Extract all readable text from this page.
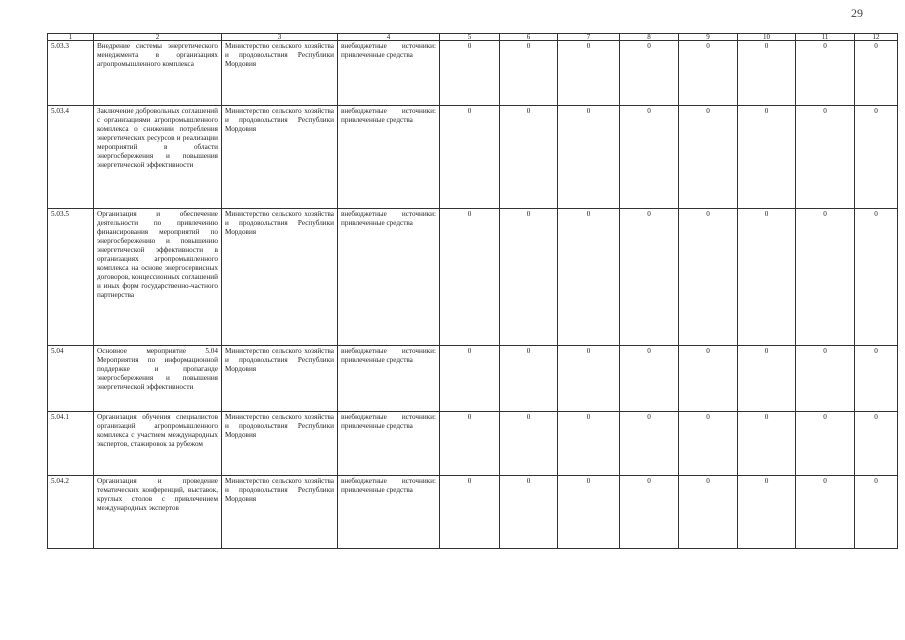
29
1	2	3	4	5	6	7	8	9	10	11	12
5.03.3	Внедрение системы энергетического менеджмента в организациях агропромышленного комплекса	Министерство сельского хозяйства и продовольствия Республики Мордовия	внебюджетные источники: привлеченные средства	0	0	0	0	0	0	0	0
5.03.4	Заключение добровольных соглашений с организациями агропромышленного комплекса о снижении потребления энергетических ресурсов и реализации мероприятий в области энергосбережения и повышения энергетической эффективности	Министерство сельского хозяйства и продовольствия Республики Мордовия	внебюджетные источники: привлеченные средства	0	0	0	0	0	0	0	0
5.03.5	Организация и обеспечение деятельности по привлечению финансирования мероприятий по энергосбережению и повышению энергетической эффективности в организациях агропромышленного комплекса на основе энергосервисных договоров, концессионных соглашений и иных форм государственно-частного партнерства	Министерство сельского хозяйства и продовольствия Республики Мордовия	внебюджетные источники: привлеченные средства	0	0	0	0	0	0	0	0
5.04	Основное мероприятие 5.04 Мероприятия по информационной поддержке и пропаганде энергосбережения и повышения энергетической эффективности	Министерство сельского хозяйства и продовольствия Республики Мордовия	внебюджетные источники: привлеченные средства	0	0	0	0	0	0	0	0
5.04.1	Организация обучения специалистов организаций агропромышленного комплекса с участием международных экспертов, стажировок за рубежом	Министерство сельского хозяйства и продовольствия Республики Мордовия	внебюджетные источники: привлеченные средства	0	0	0	0	0	0	0	0
5.04.2	Организация и проведение тематических конференций, выставок, круглых столов с привлечением международных экспертов	Министерство сельского хозяйства и продовольствия Республики Мордовия	внебюджетные источники: привлеченные средства	0	0	0	0	0	0	0	0
